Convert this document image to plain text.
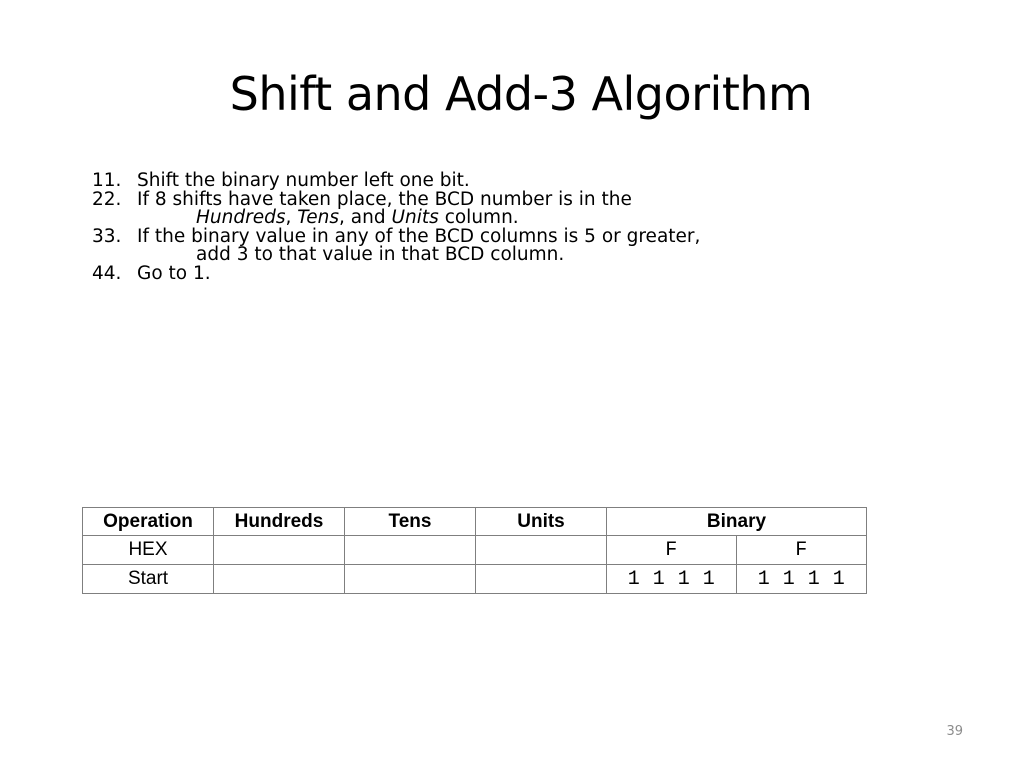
Shift and Add-3 Algorithm
11. Shift the binary number left one bit.
22. If 8 shifts have taken place, the BCD number is in the
Hundreds, Tens, and Units column.
33. If the binary value in any of the BCD columns is 5 or greater,
add 3 to that value in that BCD column.
44. Go to 1.
Operation	Hundreds	Tens	Units	Binary	
HEX				F	F
Start				1 1 1 1	1 1 1 1
39
